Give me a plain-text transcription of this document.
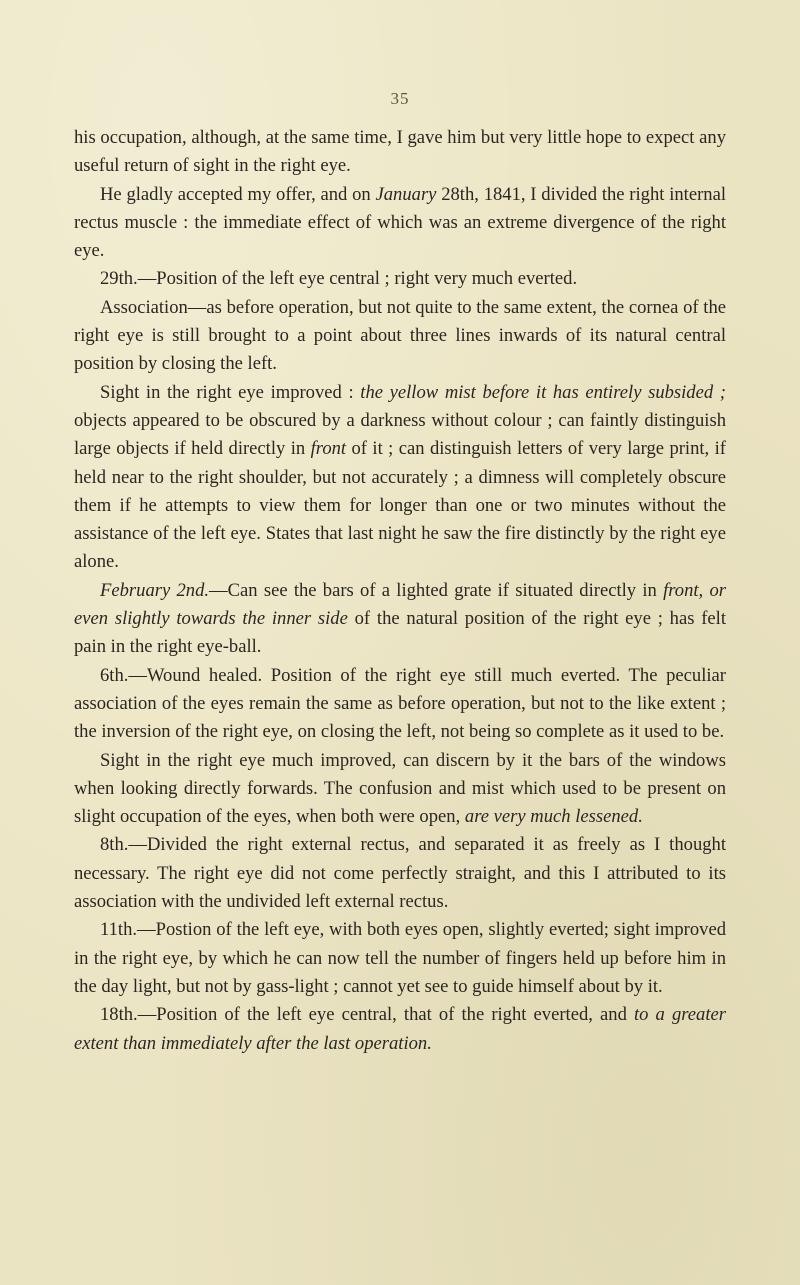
35

his occupation, although, at the same time, I gave him but very little hope to expect any useful return of sight in the right eye.

He gladly accepted my offer, and on January 28th, 1841, I divided the right internal rectus muscle : the immediate effect of which was an extreme divergence of the right eye.

29th.—Position of the left eye central ; right very much everted.

Association—as before operation, but not quite to the same extent, the cornea of the right eye is still brought to a point about three lines inwards of its natural central position by closing the left.

Sight in the right eye improved : the yellow mist before it has entirely subsided ; objects appeared to be obscured by a darkness without colour ; can faintly distinguish large objects if held directly in front of it ; can distinguish letters of very large print, if held near to the right shoulder, but not accurately ; a dimness will completely obscure them if he attempts to view them for longer than one or two minutes without the assistance of the left eye. States that last night he saw the fire distinctly by the right eye alone.

February 2nd.—Can see the bars of a lighted grate if situated directly in front, or even slightly towards the inner side of the natural position of the right eye ; has felt pain in the right eye-ball.

6th.—Wound healed. Position of the right eye still much everted. The peculiar association of the eyes remain the same as before operation, but not to the like extent ; the inversion of the right eye, on closing the left, not being so complete as it used to be.

Sight in the right eye much improved, can discern by it the bars of the windows when looking directly forwards. The confusion and mist which used to be present on slight occupation of the eyes, when both were open, are very much lessened.

8th.—Divided the right external rectus, and separated it as freely as I thought necessary. The right eye did not come perfectly straight, and this I attributed to its association with the undivided left external rectus.

11th.—Postion of the left eye, with both eyes open, slightly everted; sight improved in the right eye, by which he can now tell the number of fingers held up before him in the day light, but not by gass-light ; cannot yet see to guide himself about by it.

18th.—Position of the left eye central, that of the right everted, and to a greater extent than immediately after the last operation.
